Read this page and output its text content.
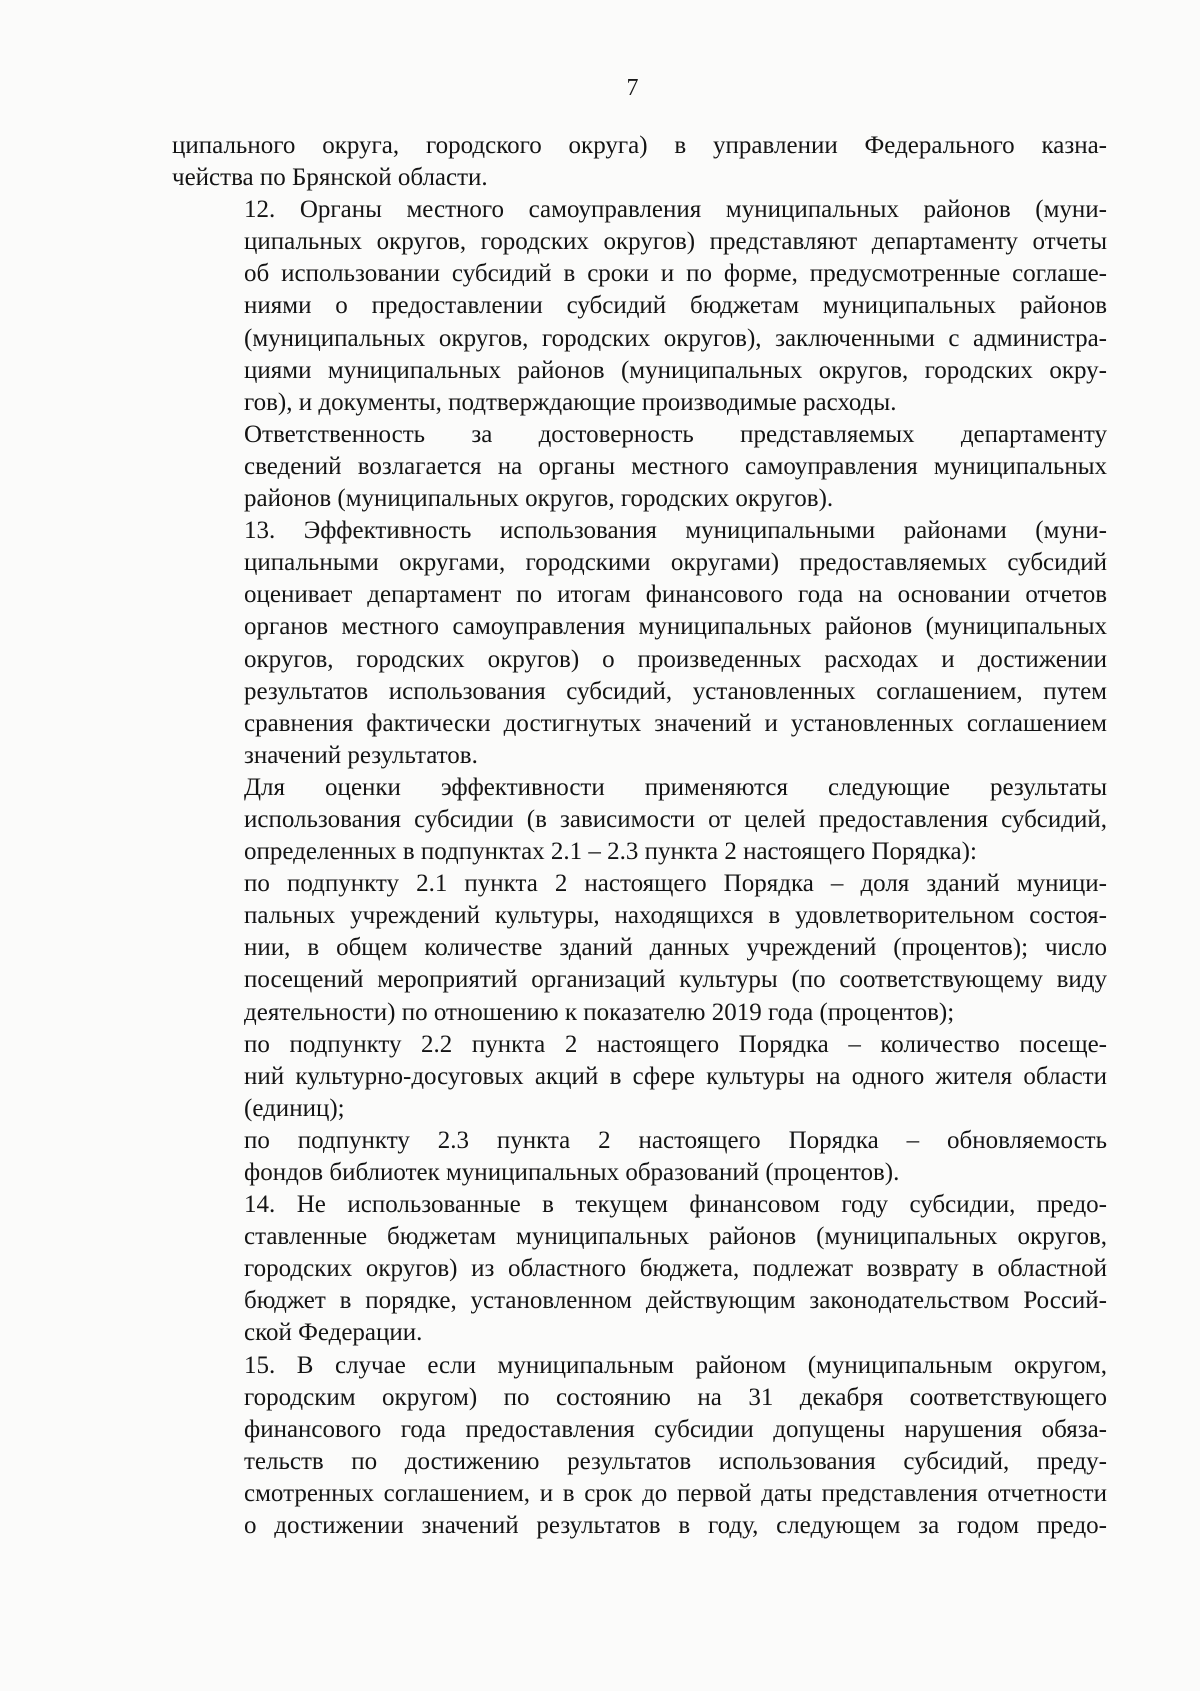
7
ципального округа, городского округа) в управлении Федерального казна-
чейства по Брянской области.
12. Органы местного самоуправления муниципальных районов (муни-
ципальных округов, городских округов) представляют департаменту отчеты
об использовании субсидий в сроки и по форме, предусмотренные соглаше-
ниями о предоставлении субсидий бюджетам муниципальных районов
(муниципальных округов, городских округов), заключенными с администра-
циями муниципальных районов (муниципальных округов, городских окру-
гов), и документы, подтверждающие производимые расходы.
Ответственность за достоверность представляемых департаменту
сведений возлагается на органы местного самоуправления муниципальных
районов (муниципальных округов, городских округов).
13. Эффективность использования муниципальными районами (муни-
ципальными округами, городскими округами) предоставляемых субсидий
оценивает департамент по итогам финансового года на основании отчетов
органов местного самоуправления муниципальных районов (муниципальных
округов, городских округов) о произведенных расходах и достижении
результатов использования субсидий, установленных соглашением, путем
сравнения фактически достигнутых значений и установленных соглашением
значений результатов.
Для оценки эффективности применяются следующие результаты
использования субсидии (в зависимости от целей предоставления субсидий,
определенных в подпунктах 2.1 – 2.3 пункта 2 настоящего Порядка):
по подпункту 2.1 пункта 2 настоящего Порядка – доля зданий муници-
пальных учреждений культуры, находящихся в удовлетворительном состоя-
нии, в общем количестве зданий данных учреждений (процентов); число
посещений мероприятий организаций культуры (по соответствующему виду
деятельности) по отношению к показателю 2019 года (процентов);
по подпункту 2.2 пункта 2 настоящего Порядка – количество посеще-
ний культурно-досуговых акций в сфере культуры на одного жителя области
(единиц);
по подпункту 2.3 пункта 2 настоящего Порядка – обновляемость
фондов библиотек муниципальных образований (процентов).
14. Не использованные в текущем финансовом году субсидии, предо-
ставленные бюджетам муниципальных районов (муниципальных округов,
городских округов) из областного бюджета, подлежат возврату в областной
бюджет в порядке, установленном действующим законодательством Россий-
ской Федерации.
15. В случае если муниципальным районом (муниципальным округом,
городским округом) по состоянию на 31 декабря соответствующего
финансового года предоставления субсидии допущены нарушения обяза-
тельств по достижению результатов использования субсидий, преду-
смотренных соглашением, и в срок до первой даты представления отчетности
о достижении значений результатов в году, следующем за годом предо-
